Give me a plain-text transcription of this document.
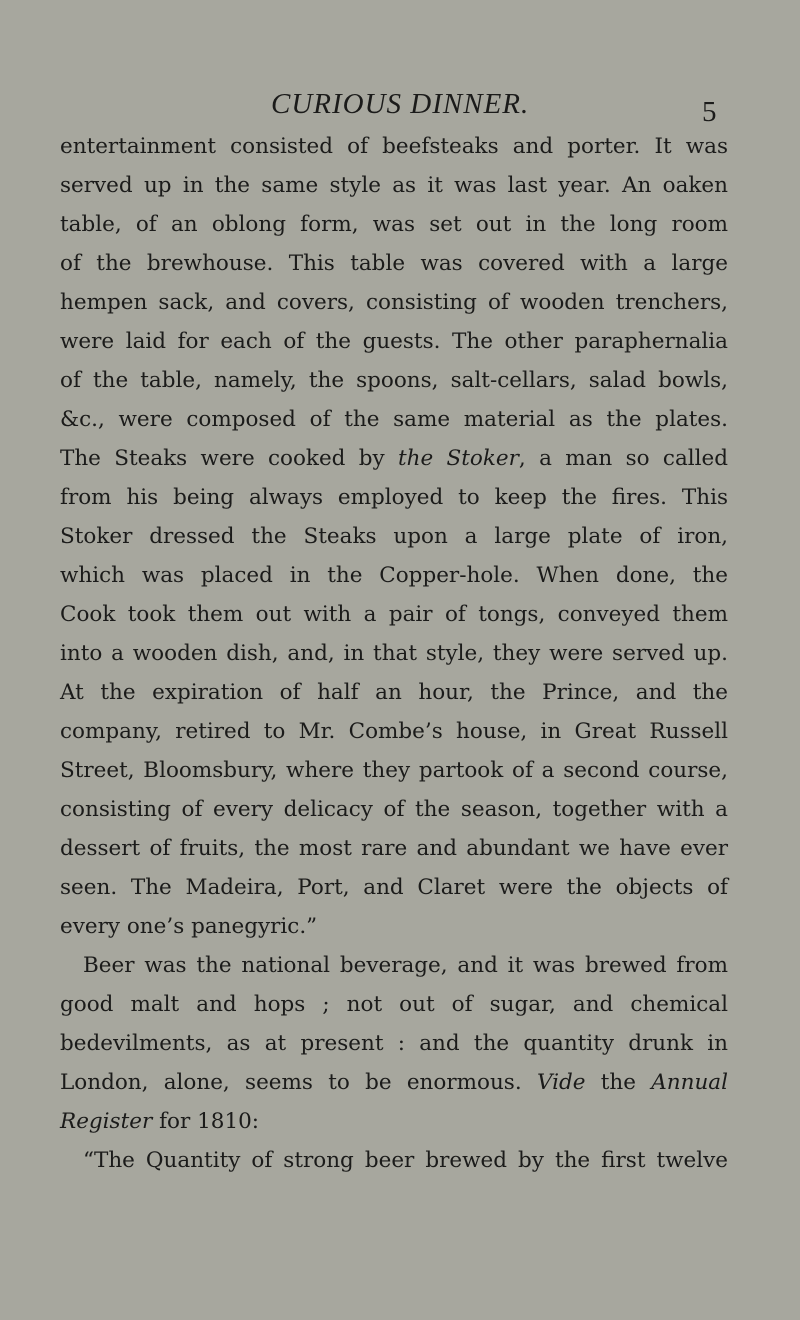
CURIOUS DINNER.	5
entertainment consisted of beefsteaks and porter. It was
served up in the same style as it was last year. An oaken
table, of an oblong form, was set out in the long room
of the brewhouse. This table was covered with a large
hempen sack, and covers, consisting of wooden trenchers,
were laid for each of the guests. The other paraphernalia
of the table, namely, the spoons, salt-cellars, salad bowls,
&c., were composed of the same material as the plates.
The Steaks were cooked by the Stoker, a man so called
from his being always employed to keep the fires. This
Stoker dressed the Steaks upon a large plate of iron,
which was placed in the Copper-hole. When done, the
Cook took them out with a pair of tongs, conveyed them
into a wooden dish, and, in that style, they were served up.
At the expiration of half an hour, the Prince, and the
company, retired to Mr. Combe’s house, in Great Russell
Street, Bloomsbury, where they partook of a second course,
consisting of every delicacy of the season, together with a
dessert of fruits, the most rare and abundant we have ever
seen. The Madeira, Port, and Claret were the objects of
every one’s panegyric.”
Beer was the national beverage, and it was brewed from
good malt and hops ; not out of sugar, and chemical
bedevilments, as at present : and the quantity drunk in
London, alone, seems to be enormous. Vide the Annual
Register for 1810:
“The Quantity of strong beer brewed by the first twelve
